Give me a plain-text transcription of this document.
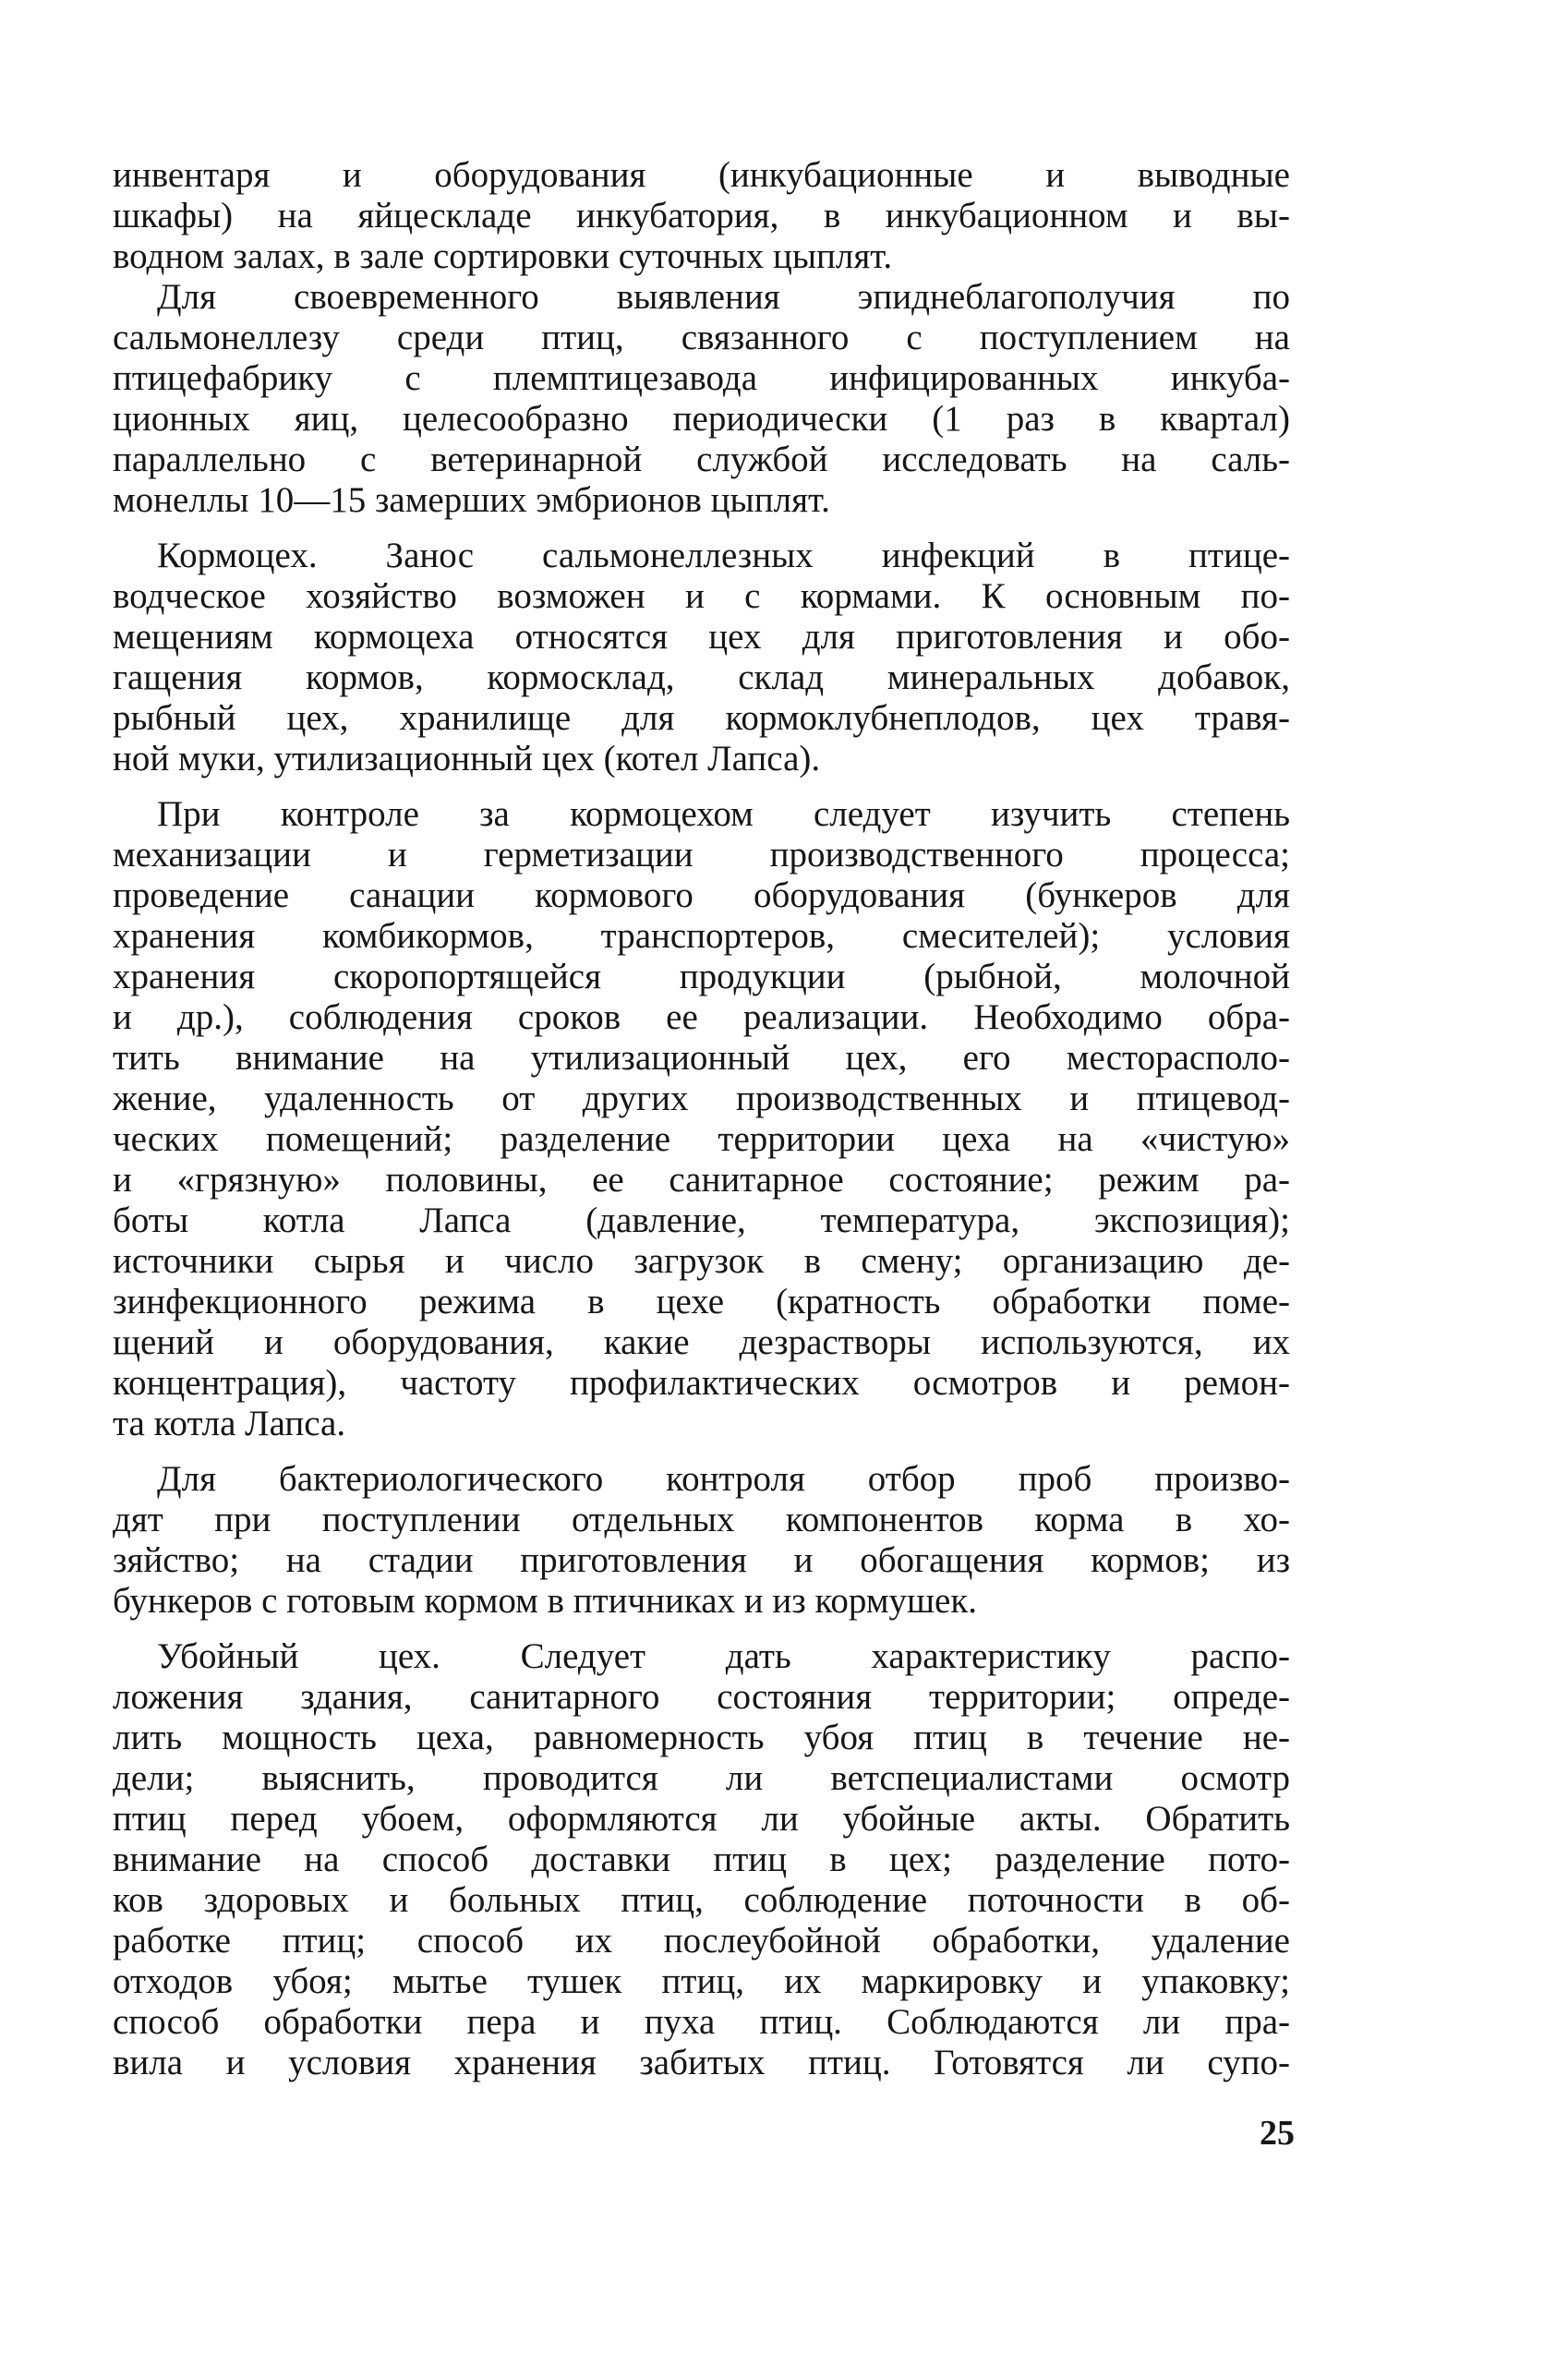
инвентаря и оборудования (инкубационные и выводные
шкафы) на яйцескладе инкубатория, в инкубационном и вы-
водном залах, в зале сортировки суточных цыплят.
Для своевременного выявления эпиднеблагополучия по
сальмонеллезу среди птиц, связанного с поступлением на
птицефабрику с племптицезавода инфицированных инкуба-
ционных яиц, целесообразно периодически (1 раз в квартал)
параллельно с ветеринарной службой исследовать на саль-
монеллы 10—15 замерших эмбрионов цыплят.
Кормоцех. Занос сальмонеллезных инфекций в птице-
водческое хозяйство возможен и с кормами. К основным по-
мещениям кормоцеха относятся цех для приготовления и обо-
гащения кормов, кормосклад, склад минеральных добавок,
рыбный цех, хранилище для кормоклубнеплодов, цех травя-
ной муки, утилизационный цех (котел Лапса).
При контроле за кормоцехом следует изучить степень
механизации и герметизации производственного процесса;
проведение санации кормового оборудования (бункеров для
хранения комбикормов, транспортеров, смесителей); условия
хранения скоропортящейся продукции (рыбной, молочной
и др.), соблюдения сроков ее реализации. Необходимо обра-
тить внимание на утилизационный цех, его месторасполо-
жение, удаленность от других производственных и птицевод-
ческих помещений; разделение территории цеха на «чистую»
и «грязную» половины, ее санитарное состояние; режим ра-
боты котла Лапса (давление, температура, экспозиция);
источники сырья и число загрузок в смену; организацию де-
зинфекционного режима в цехе (кратность обработки поме-
щений и оборудования, какие дезрастворы используются, их
концентрация), частоту профилактических осмотров и ремон-
та котла Лапса.
Для бактериологического контроля отбор проб произво-
дят при поступлении отдельных компонентов корма в хо-
зяйство; на стадии приготовления и обогащения кормов; из
бункеров с готовым кормом в птичниках и из кормушек.
Убойный цех. Следует дать характеристику распо-
ложения здания, санитарного состояния территории; опреде-
лить мощность цеха, равномерность убоя птиц в течение не-
дели; выяснить, проводится ли ветспециалистами осмотр
птиц перед убоем, оформляются ли убойные акты. Обратить
внимание на способ доставки птиц в цех; разделение пото-
ков здоровых и больных птиц, соблюдение поточности в об-
работке птиц; способ их послеубойной обработки, удаление
отходов убоя; мытье тушек птиц, их маркировку и упаковку;
способ обработки пера и пуха птиц. Соблюдаются ли пра-
вила и условия хранения забитых птиц. Готовятся ли супо-
25
